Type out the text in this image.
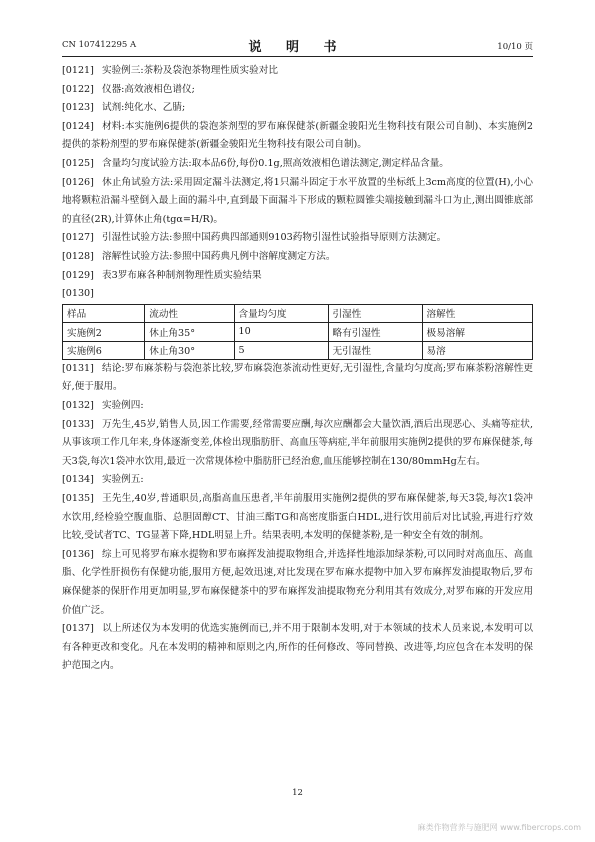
CN 107412295 A	说 明 书	10/10 页
[0121] 实验例三:茶粉及袋泡茶物理性质实验对比
[0122] 仪器:高效液相色谱仪;
[0123] 试剂:纯化水、乙腈;
[0124] 材料:本实施例6提供的袋泡茶剂型的罗布麻保健茶(新疆金骏阳光生物科技有限公司自制)、本实施例2提供的茶粉剂型的罗布麻保健茶(新疆金骏阳光生物科技有限公司自制)。
[0125] 含量均匀度试验方法:取本品6份,每份0.1g,照高效液相色谱法测定,测定样品含量。
[0126] 休止角试验方法:采用固定漏斗法测定,将1只漏斗固定于水平放置的坐标纸上3cm高度的位置(H),小心地将颗粒沿漏斗壁倒入最上面的漏斗中,直到最下面漏斗下形成的颗粒圆锥尖端接触到漏斗口为止,测出圆锥底部的直径(2R),计算休止角(tgα=H/R)。
[0127] 引湿性试验方法:参照中国药典四部通则9103药物引湿性试验指导原则方法测定。
[0128] 溶解性试验方法:参照中国药典凡例中溶解度测定方法。
[0129] 表3罗布麻各种制剂物理性质实验结果
[0130]
样品	流动性	含量均匀度	引湿性	溶解性
实施例2	休止角35°	10	略有引湿性	极易溶解
实施例6	休止角30°	5	无引湿性	易溶
[0131] 结论:罗布麻茶粉与袋泡茶比较,罗布麻袋泡茶流动性更好,无引湿性,含量均匀度高;罗布麻茶粉溶解性更好,便于服用。
[0132] 实验例四:
[0133] 万先生,45岁,销售人员,因工作需要,经常需要应酬,每次应酬都会大量饮酒,酒后出现恶心、头痛等症状,从事该项工作几年来,身体逐渐变差,体检出现脂肪肝、高血压等病症,半年前服用实施例2提供的罗布麻保健茶,每天3袋,每次1袋冲水饮用,最近一次常规体检中脂肪肝已经治愈,血压能够控制在130/80mmHg左右。
[0134] 实验例五:
[0135] 王先生,40岁,普通职员,高脂高血压患者,半年前服用实施例2提供的罗布麻保健茶,每天3袋,每次1袋冲水饮用,经检验空腹血脂、总胆固醇CT、甘油三酯TG和高密度脂蛋白HDL,进行饮用前后对比试验,再进行疗效比较,受试者TC、TG显著下降,HDL明显上升。结果表明,本发明的保健茶粉,是一种安全有效的制剂。
[0136] 综上可见将罗布麻水提物和罗布麻挥发油提取物组合,并选择性地添加绿茶粉,可以同时对高血压、高血脂、化学性肝损伤有保健功能,服用方便,起效迅速,对比发现在罗布麻水提物中加入罗布麻挥发油提取物后,罗布麻保健茶的保肝作用更加明显,罗布麻保健茶中的罗布麻挥发油提取物充分利用其有效成分,对罗布麻的开发应用价值广泛。
[0137] 以上所述仅为本发明的优选实施例而已,并不用于限制本发明,对于本领域的技术人员来说,本发明可以有各种更改和变化。凡在本发明的精神和原则之内,所作的任何修改、等同替换、改进等,均应包含在本发明的保护范围之内。
12
麻类作物营养与施肥网 www.fibercrops.com
